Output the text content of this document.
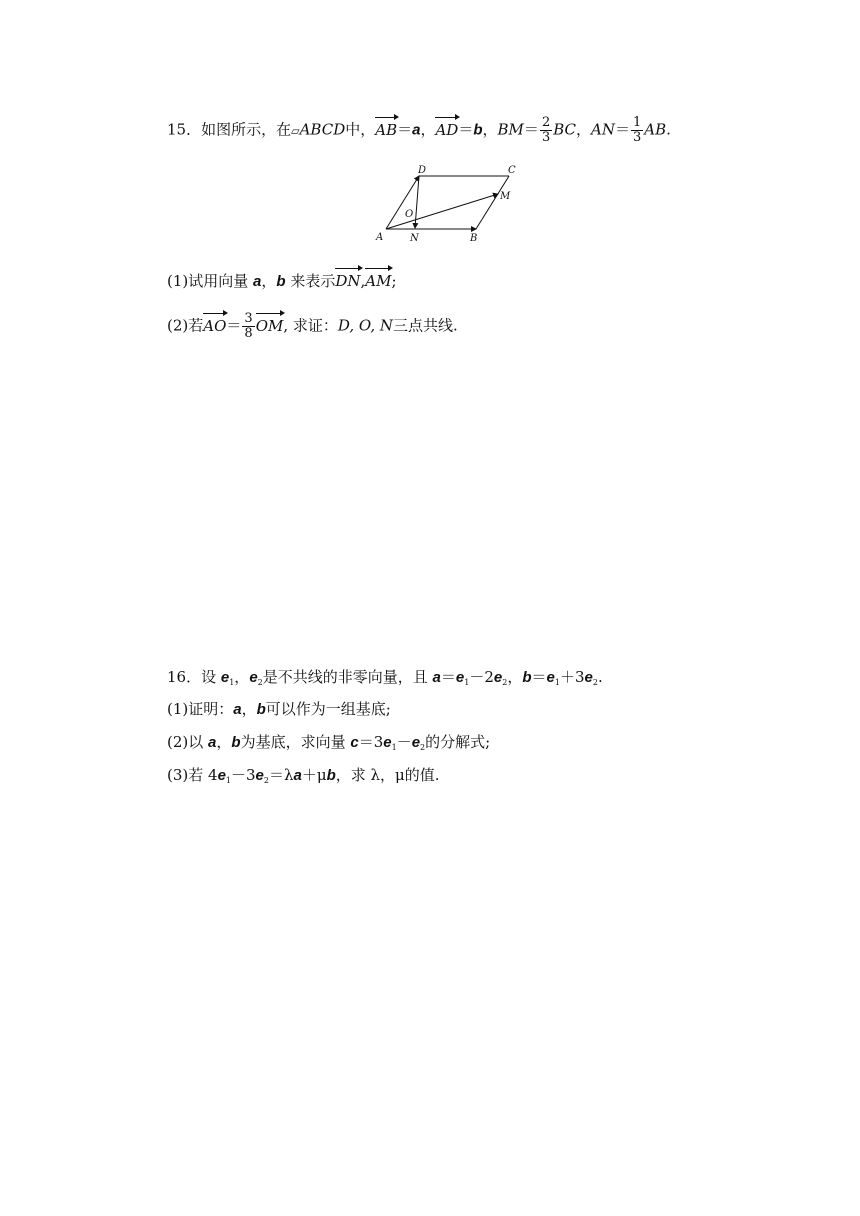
15．如图所示，在▱ABCD中，AB＝a，AD＝b，$BM= \frac{2}{3}$ BC，$AN= \frac{1}{3}$ AB.
A	B
C
D
M
N
O
(1)试用向量 a，b 来表示DN,AM;
(2)若$AO= \frac{3}{8}$ OM, 求证：D, O, N三点共线.
16．设 $e_1$，$e_2$是不共线的非零向量，且 $a=e_1-2e_2$，$b=e_1+3e_2$.
(1)证明：a，b可以作为一组基底;
(2)以 a，b为基底，求向量 $c=3e_1-e_2$的分解式;
(3)若 $4e_1-3e_2=\lambda a+\mu b$，求 λ，μ的值.
